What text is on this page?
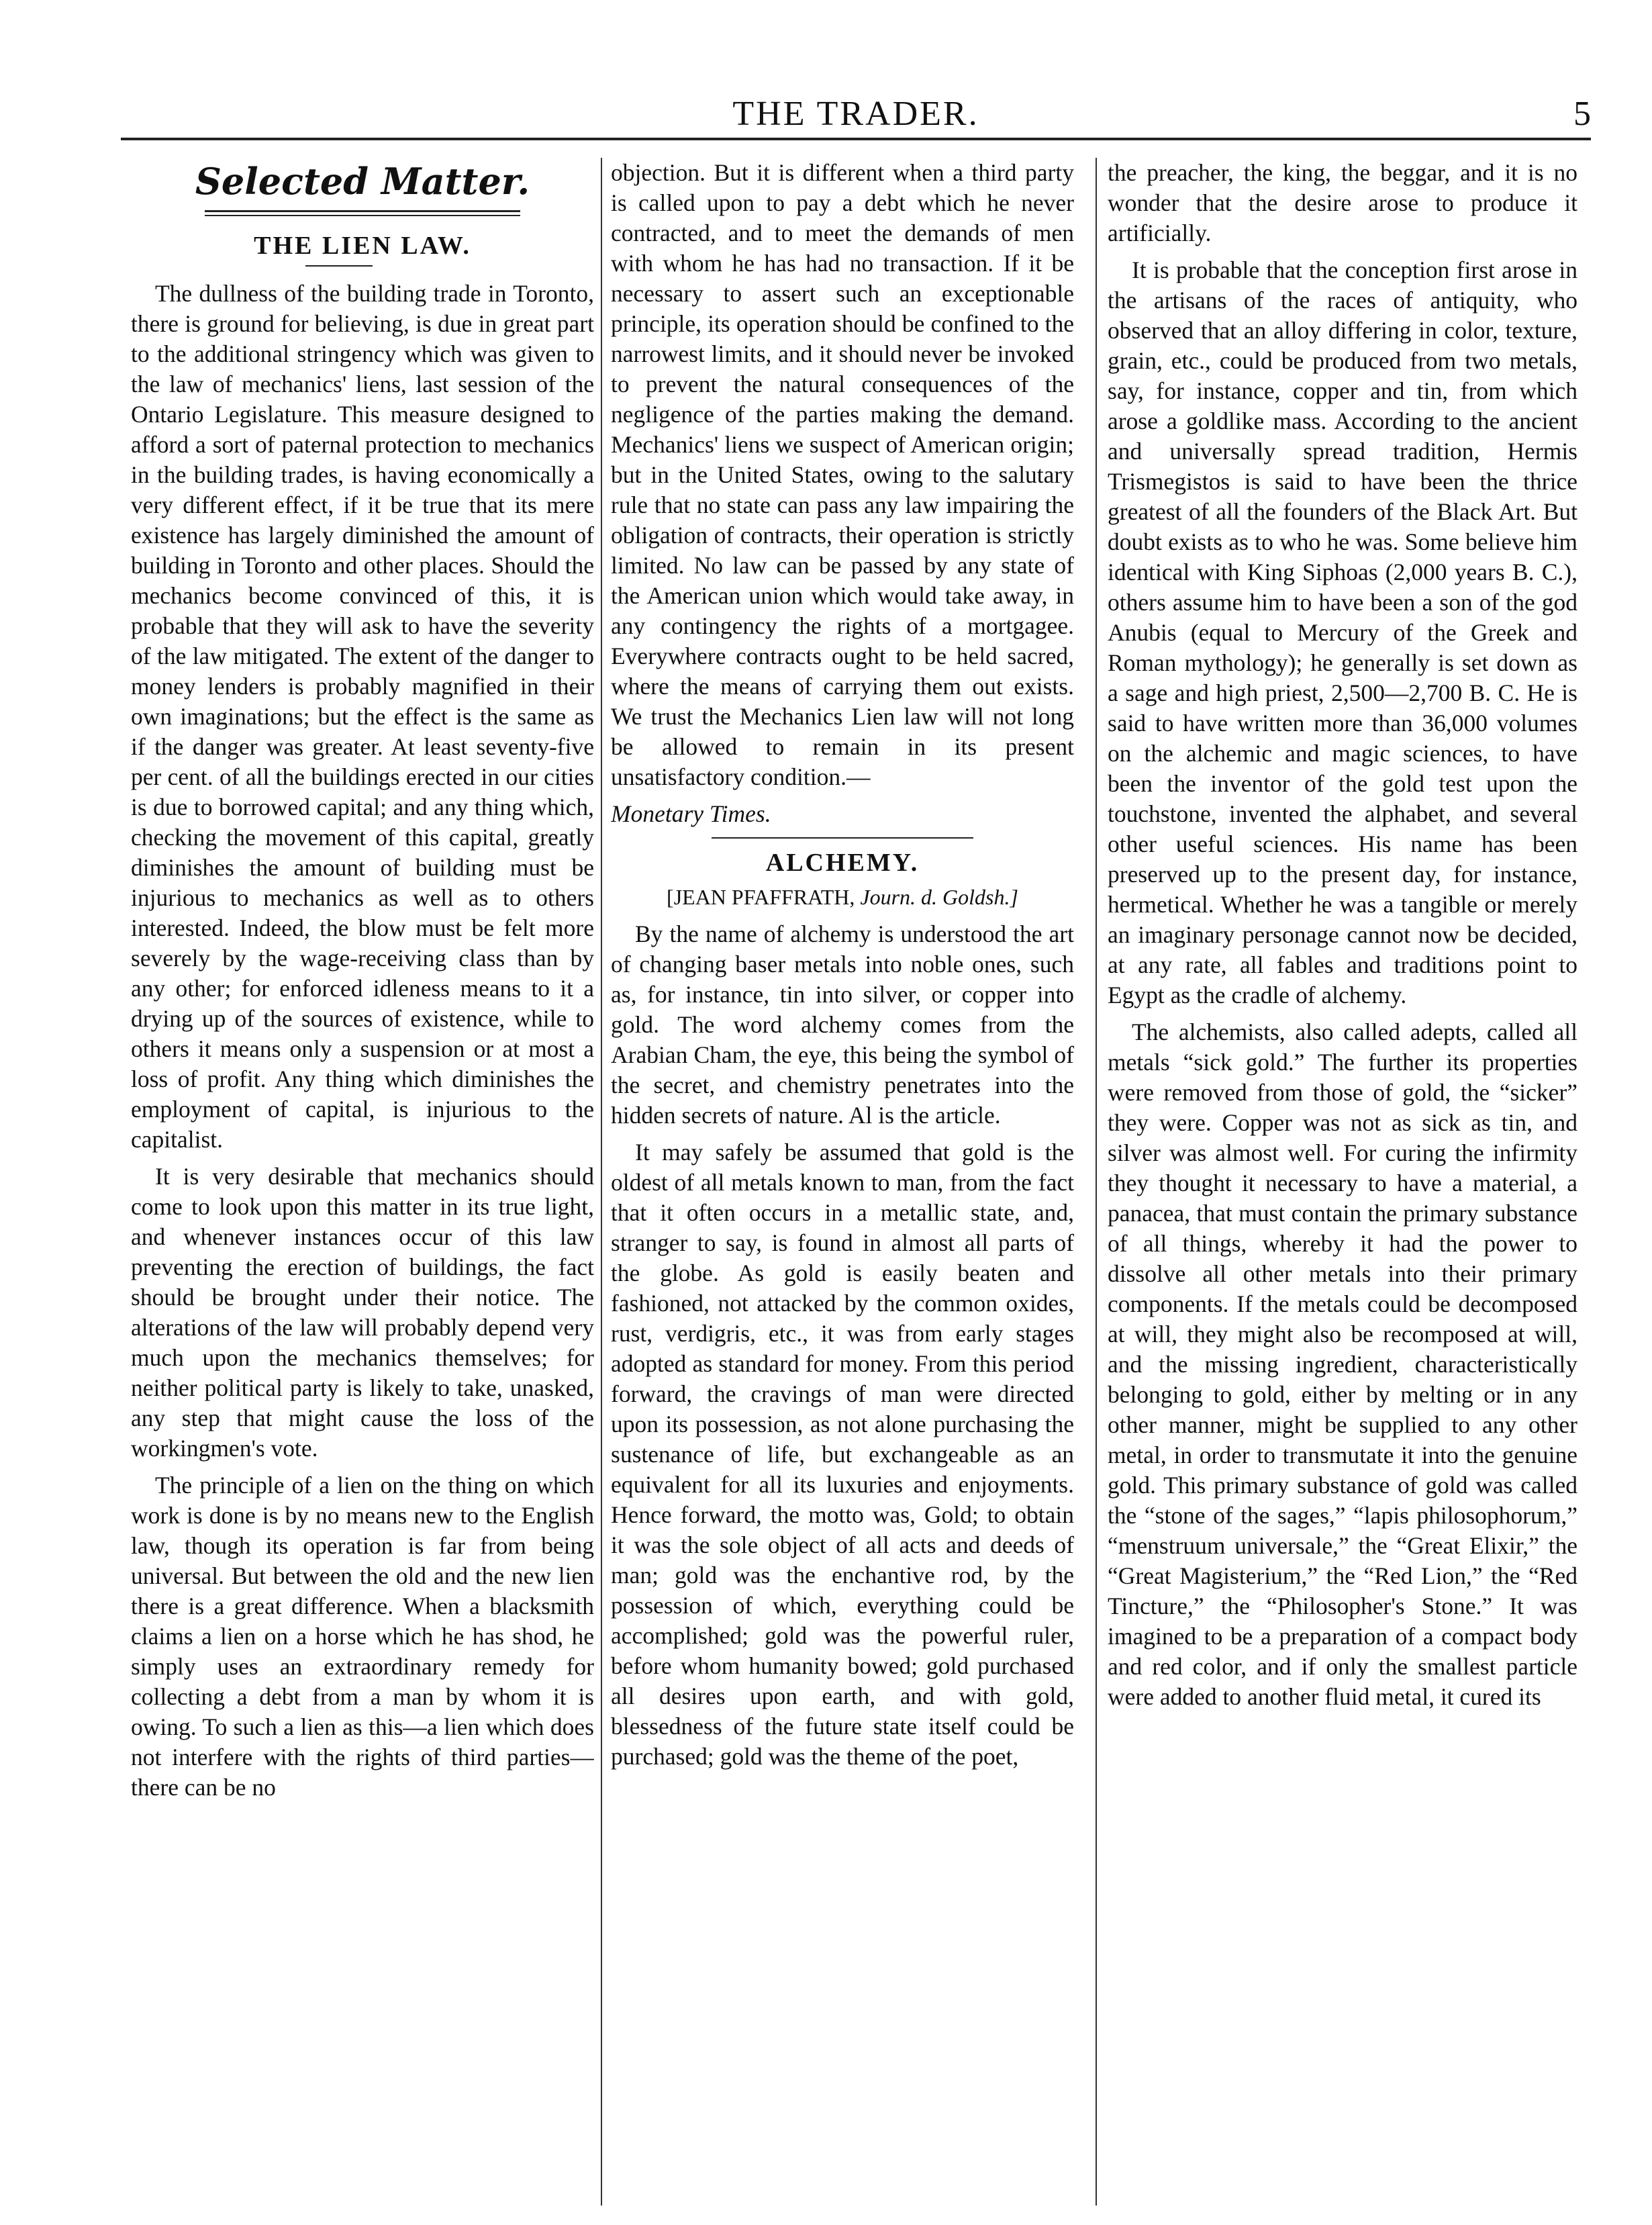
THE TRADER.	5
Selected Matter.
THE LIEN LAW.

The dullness of the building trade in Toronto, there is ground for believing, is due in great part to the additional stringency which was given to the law of mechanics' liens, last session of the Ontario Legislature. This measure designed to afford a sort of paternal protection to mechanics in the building trades, is having economically a very different effect, if it be true that its mere existence has largely diminished the amount of building in Toronto and other places. Should the mechanics become convinced of this, it is probable that they will ask to have the severity of the law mitigated. The extent of the danger to money lenders is probably magnified in their own imaginations; but the effect is the same as if the danger was greater. At least seventy-five per cent. of all the buildings erected in our cities is due to borrowed capital; and any thing which, checking the movement of this capital, greatly diminishes the amount of building must be injurious to mechanics as well as to others interested. Indeed, the blow must be felt more severely by the wage-receiving class than by any other; for enforced idleness means to it a drying up of the sources of existence, while to others it means only a suspension or at most a loss of profit. Any thing which diminishes the employment of capital, is injurious to the capitalist.

It is very desirable that mechanics should come to look upon this matter in its true light, and whenever instances occur of this law preventing the erection of buildings, the fact should be brought under their notice. The alterations of the law will probably depend very much upon the mechanics themselves; for neither political party is likely to take, unasked, any step that might cause the loss of the workingmen's vote.

The principle of a lien on the thing on which work is done is by no means new to the English law, though its operation is far from being universal. But between the old and the new lien there is a great difference. When a blacksmith claims a lien on a horse which he has shod, he simply uses an extraordinary remedy for collecting a debt from a man by whom it is owing. To such a lien as this—a lien which does not interfere with the rights of third parties—there can be no

objection. But it is different when a third party is called upon to pay a debt which he never contracted, and to meet the demands of men with whom he has had no transaction. If it be necessary to assert such an exceptionable principle, its operation should be confined to the narrowest limits, and it should never be invoked to prevent the natural consequences of the negligence of the parties making the demand. Mechanics' liens we suspect of American origin; but in the United States, owing to the salutary rule that no state can pass any law impairing the obligation of contracts, their operation is strictly limited. No law can be passed by any state of the American union which would take away, in any contingency the rights of a mortgagee. Everywhere contracts ought to be held sacred, where the means of carrying them out exists. We trust the Mechanics Lien law will not long be allowed to remain in its present unsatisfactory condition.—

Monetary Times.

ALCHEMY.
[JEAN PFAFFRATH, Journ. d. Goldsh.]

By the name of alchemy is understood the art of changing baser metals into noble ones, such as, for instance, tin into silver, or copper into gold. The word alchemy comes from the Arabian Cham, the eye, this being the symbol of the secret, and chemistry penetrates into the hidden secrets of nature. Al is the article.

It may safely be assumed that gold is the oldest of all metals known to man, from the fact that it often occurs in a metallic state, and, stranger to say, is found in almost all parts of the globe. As gold is easily beaten and fashioned, not attacked by the common oxides, rust, verdigris, etc., it was from early stages adopted as standard for money. From this period forward, the cravings of man were directed upon its possession, as not alone purchasing the sustenance of life, but exchangeable as an equivalent for all its luxuries and enjoyments. Hence forward, the motto was, Gold; to obtain it was the sole object of all acts and deeds of man; gold was the enchantive rod, by the possession of which, everything could be accomplished; gold was the powerful ruler, before whom humanity bowed; gold purchased all desires upon earth, and with gold, blessedness of the future state itself could be purchased; gold was the theme of the poet,

the preacher, the king, the beggar, and it is no wonder that the desire arose to produce it artificially.

It is probable that the conception first arose in the artisans of the races of antiquity, who observed that an alloy differing in color, texture, grain, etc., could be produced from two metals, say, for instance, copper and tin, from which arose a goldlike mass. According to the ancient and universally spread tradition, Hermis Trismegistos is said to have been the thrice greatest of all the founders of the Black Art. But doubt exists as to who he was. Some believe him identical with King Siphoas (2,000 years B. C.), others assume him to have been a son of the god Anubis (equal to Mercury of the Greek and Roman mythology); he generally is set down as a sage and high priest, 2,500—2,700 B. C. He is said to have written more than 36,000 volumes on the alchemic and magic sciences, to have been the inventor of the gold test upon the touchstone, invented the alphabet, and several other useful sciences. His name has been preserved up to the present day, for instance, hermetical. Whether he was a tangible or merely an imaginary personage cannot now be decided, at any rate, all fables and traditions point to Egypt as the cradle of alchemy.

The alchemists, also called adepts, called all metals “sick gold.” The further its properties were removed from those of gold, the “sicker” they were. Copper was not as sick as tin, and silver was almost well. For curing the infirmity they thought it necessary to have a material, a panacea, that must contain the primary substance of all things, whereby it had the power to dissolve all other metals into their primary components. If the metals could be decomposed at will, they might also be recomposed at will, and the missing ingredient, characteristically belonging to gold, either by melting or in any other manner, might be supplied to any other metal, in order to transmutate it into the genuine gold. This primary substance of gold was called the “stone of the sages,” “lapis philosophorum,” “menstruum universale,” the “Great Elixir,” the “Great Magisterium,” the “Red Lion,” the “Red Tincture,” the “Philosopher's Stone.” It was imagined to be a preparation of a compact body and red color, and if only the smallest particle were added to another fluid metal, it cured its
